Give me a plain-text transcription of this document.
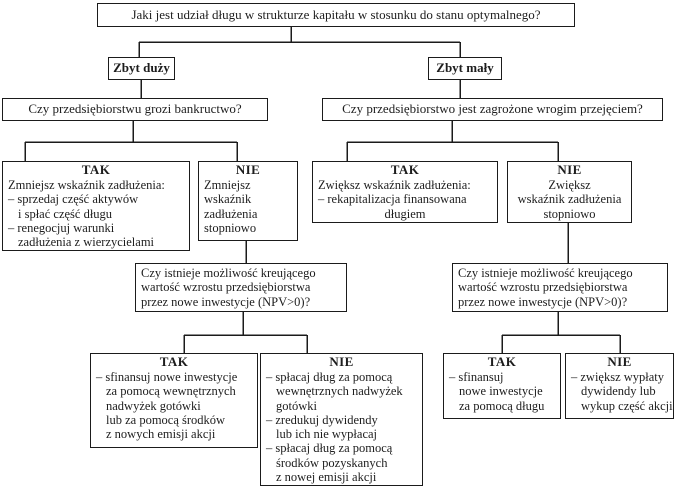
Jaki jest udział długu w strukturze kapitału w stosunku do stanu optymalnego?
Zbyt duży	Zbyt mały
Czy przedsiębiorstwu grozi bankructwo?	Czy przedsiębiorstwo jest zagrożone wrogim przejęciem?
TAK
Zmniejsz wskaźnik zadłużenia:
– sprzedaj część aktywów
i spłać część długu
– renegocjuj warunki
zadłużenia z wierzycielami
NIE
Zmniejsz
wskaźnik
zadłużenia
stopniowo
TAK
Zwiększ wskaźnik zadłużenia:
– rekapitalizacja finansowana
długiem
NIE
Zwiększ
wskaźnik zadłużenia
stopniowo
Czy istnieje możliwość kreującego
wartość wzrostu przedsiębiorstwa
przez nowe inwestycje (NPV>0)?
Czy istnieje możliwość kreującego
wartość wzrostu przedsiębiorstwa
przez nowe inwestycje (NPV>0)?
TAK
– sfinansuj nowe inwestycje
za pomocą wewnętrznych
nadwyżek gotówki
lub za pomocą środków
z nowych emisji akcji
NIE
– spłacaj dług za pomocą
wewnętrznych nadwyżek
gotówki
– zredukuj dywidendy
lub ich nie wypłacaj
– spłacaj dług za pomocą
środków pozyskanych
z nowej emisji akcji
TAK
– sfinansuj
nowe inwestycje
za pomocą długu
NIE
– zwiększ wypłaty
dywidendy lub
wykup część akcji
